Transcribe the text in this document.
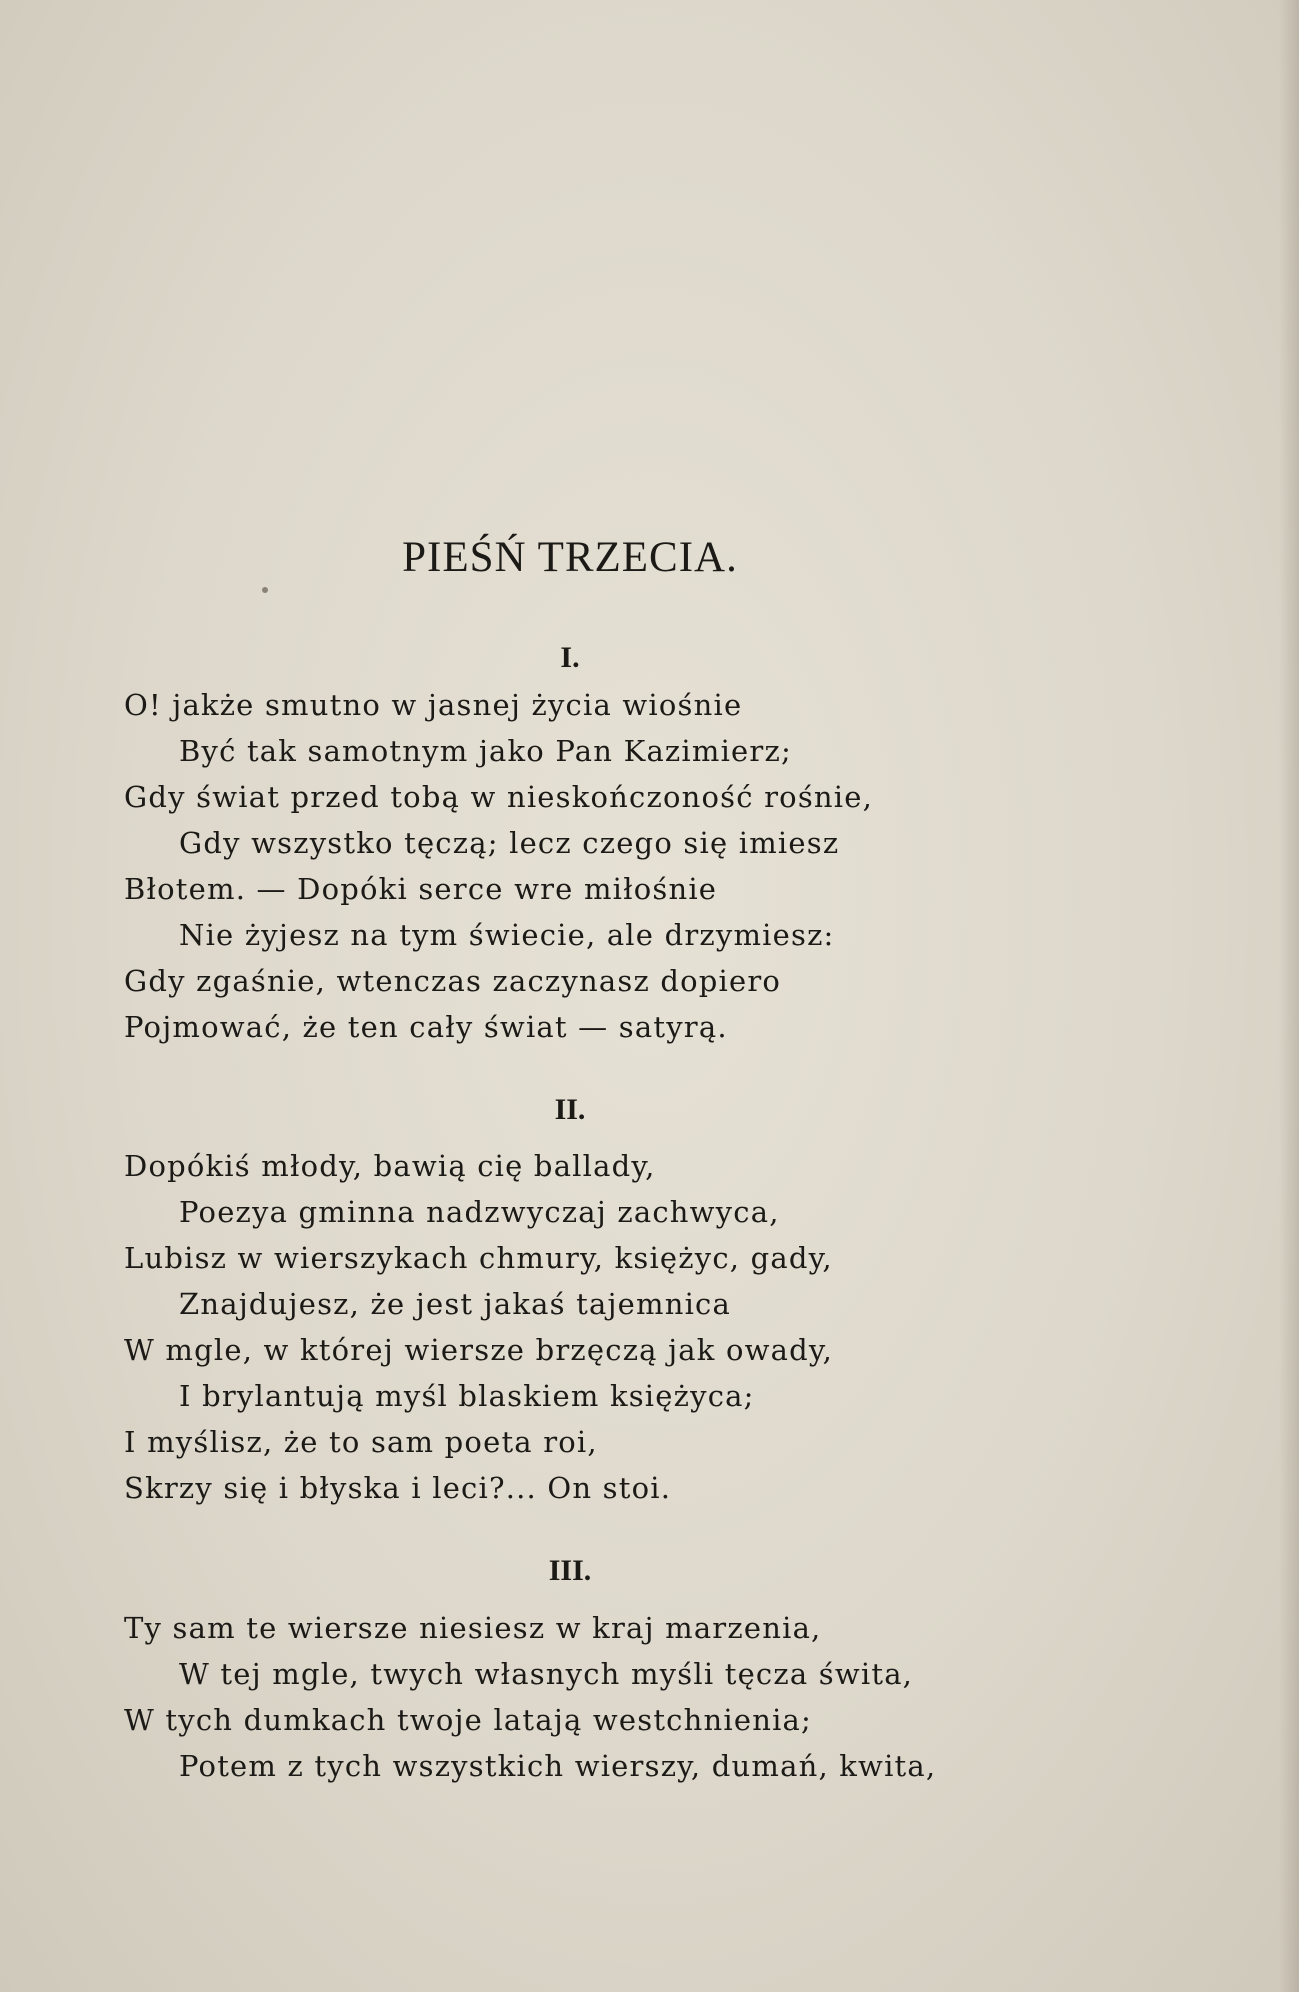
PIEŚŃ TRZECIA.
I.
O! jakże smutno w jasnej życia wiośnie
Być tak samotnym jako Pan Kazimierz;
Gdy świat przed tobą w nieskończoność rośnie,
Gdy wszystko tęczą; lecz czego się imiesz
Błotem. — Dopóki serce wre miłośnie
Nie żyjesz na tym świecie, ale drzymiesz:
Gdy zgaśnie, wtenczas zaczynasz dopiero
Pojmować, że ten cały świat — satyrą.
II.
Dopókiś młody, bawią cię ballady,
Poezya gminna nadzwyczaj zachwyca,
Lubisz w wierszykach chmury, księżyc, gady,
Znajdujesz, że jest jakaś tajemnica
W mgle, w której wiersze brzęczą jak owady,
I brylantują myśl blaskiem księżyca;
I myślisz, że to sam poeta roi,
Skrzy się i błyska i leci?... On stoi.
III.
Ty sam te wiersze niesiesz w kraj marzenia,
W tej mgle, twych własnych myśli tęcza świta,
W tych dumkach twoje latają westchnienia;
Potem z tych wszystkich wierszy, dumań, kwita,
